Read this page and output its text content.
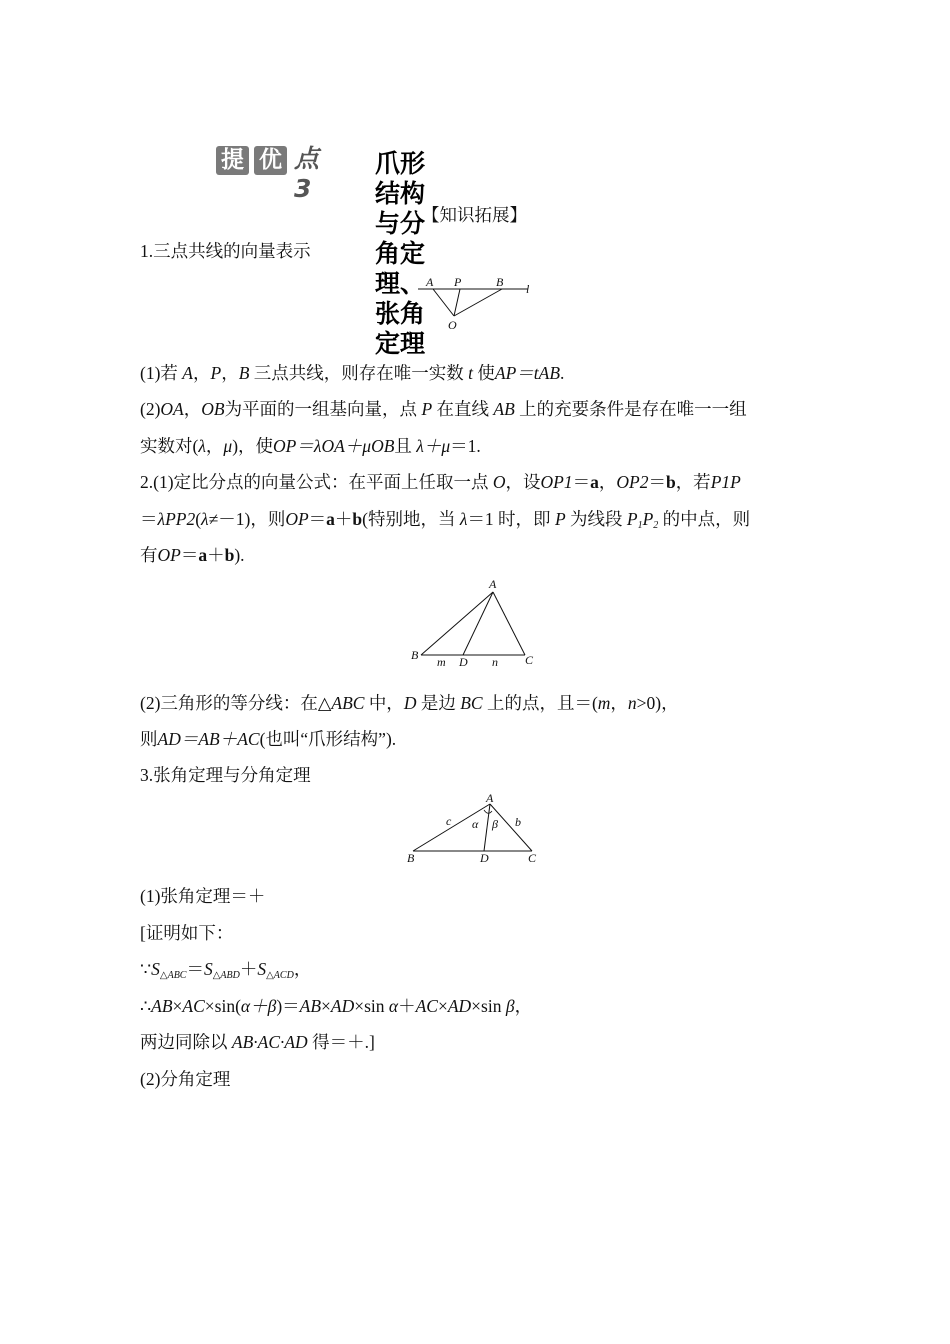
提 优 点3
爪形结构与分角定理、张角定理
【知识拓展】
1.三点共线的向量表示
A P	B l
O
(1)若 A，P，B 三点共线，则存在唯一实数 t 使AP＝tAB.
(2)OA，OB为平面的一组基向量，点 P 在直线 AB 上的充要条件是存在唯一一组
实数对(λ，μ)，使OP＝λOA＋μOB且 λ＋μ＝1.
2.(1)定比分点的向量公式：在平面上任取一点 O，设OP1＝a，OP2＝b，若P1P
＝λPP2(λ≠－1)，则OP＝a＋b(特别地，当 λ＝1 时，即 P 为线段 $P_1P_2$ 的中点，则
有OP＝a＋b).
A
B m D n C
(2)三角形的等分线：在△ABC 中，D 是边 BC 上的点，且＝(m，n>0)，
则AD＝AB＋AC(也叫“爪形结构”).
3.张角定理与分角定理
A
c α β b
B	D	C
(1)张角定理＝＋
[证明如下：
$\because S_{\triangle ABC}=S_{\triangle ABD}+S_{\triangle ACD}$，
∴AB×AC×sin(α＋β)＝AB×AD×sin α＋AC×AD×sin β，
两边同除以 AB·AC·AD 得＝＋.]
(2)分角定理
